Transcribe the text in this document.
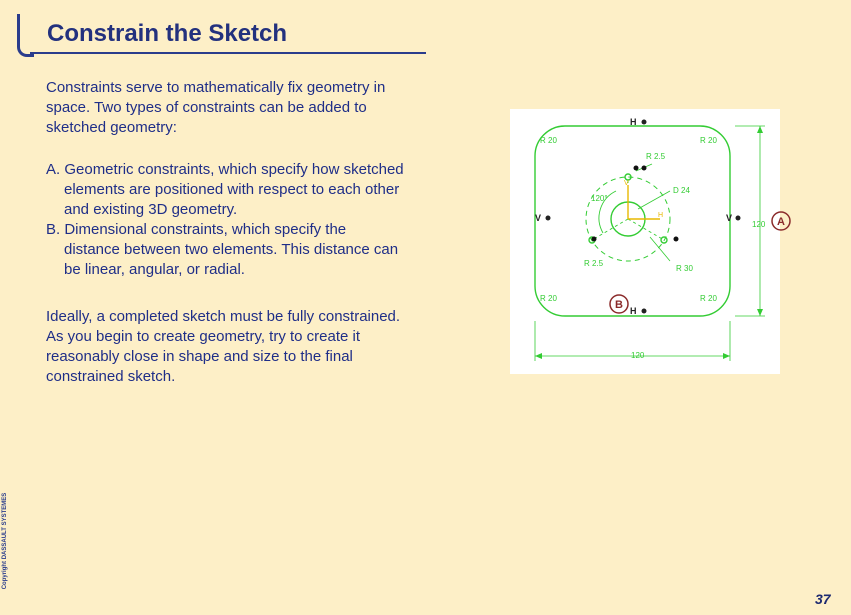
Constrain the Sketch

Constraints serve to mathematically fix geometry in space. Two types of constraints can be added to sketched geometry:

A. Geometric constraints, which specify how sketched elements are positioned with respect to each other and existing 3D geometry.

B. Dimensional constraints, which specify the distance between two elements. This distance can be linear, angular, or radial.

Ideally, a completed sketch must be fully constrained. As you begin to create geometry, try to create it reasonably close in shape and size to the final constrained sketch.

H
H
V	V
R 20	R 20
R 20	R 20
R 2.5
R 2.5
D 24
R 30
120°
120
120
H
V
A
B
Copyright DASSAULT SYSTEMES
37
